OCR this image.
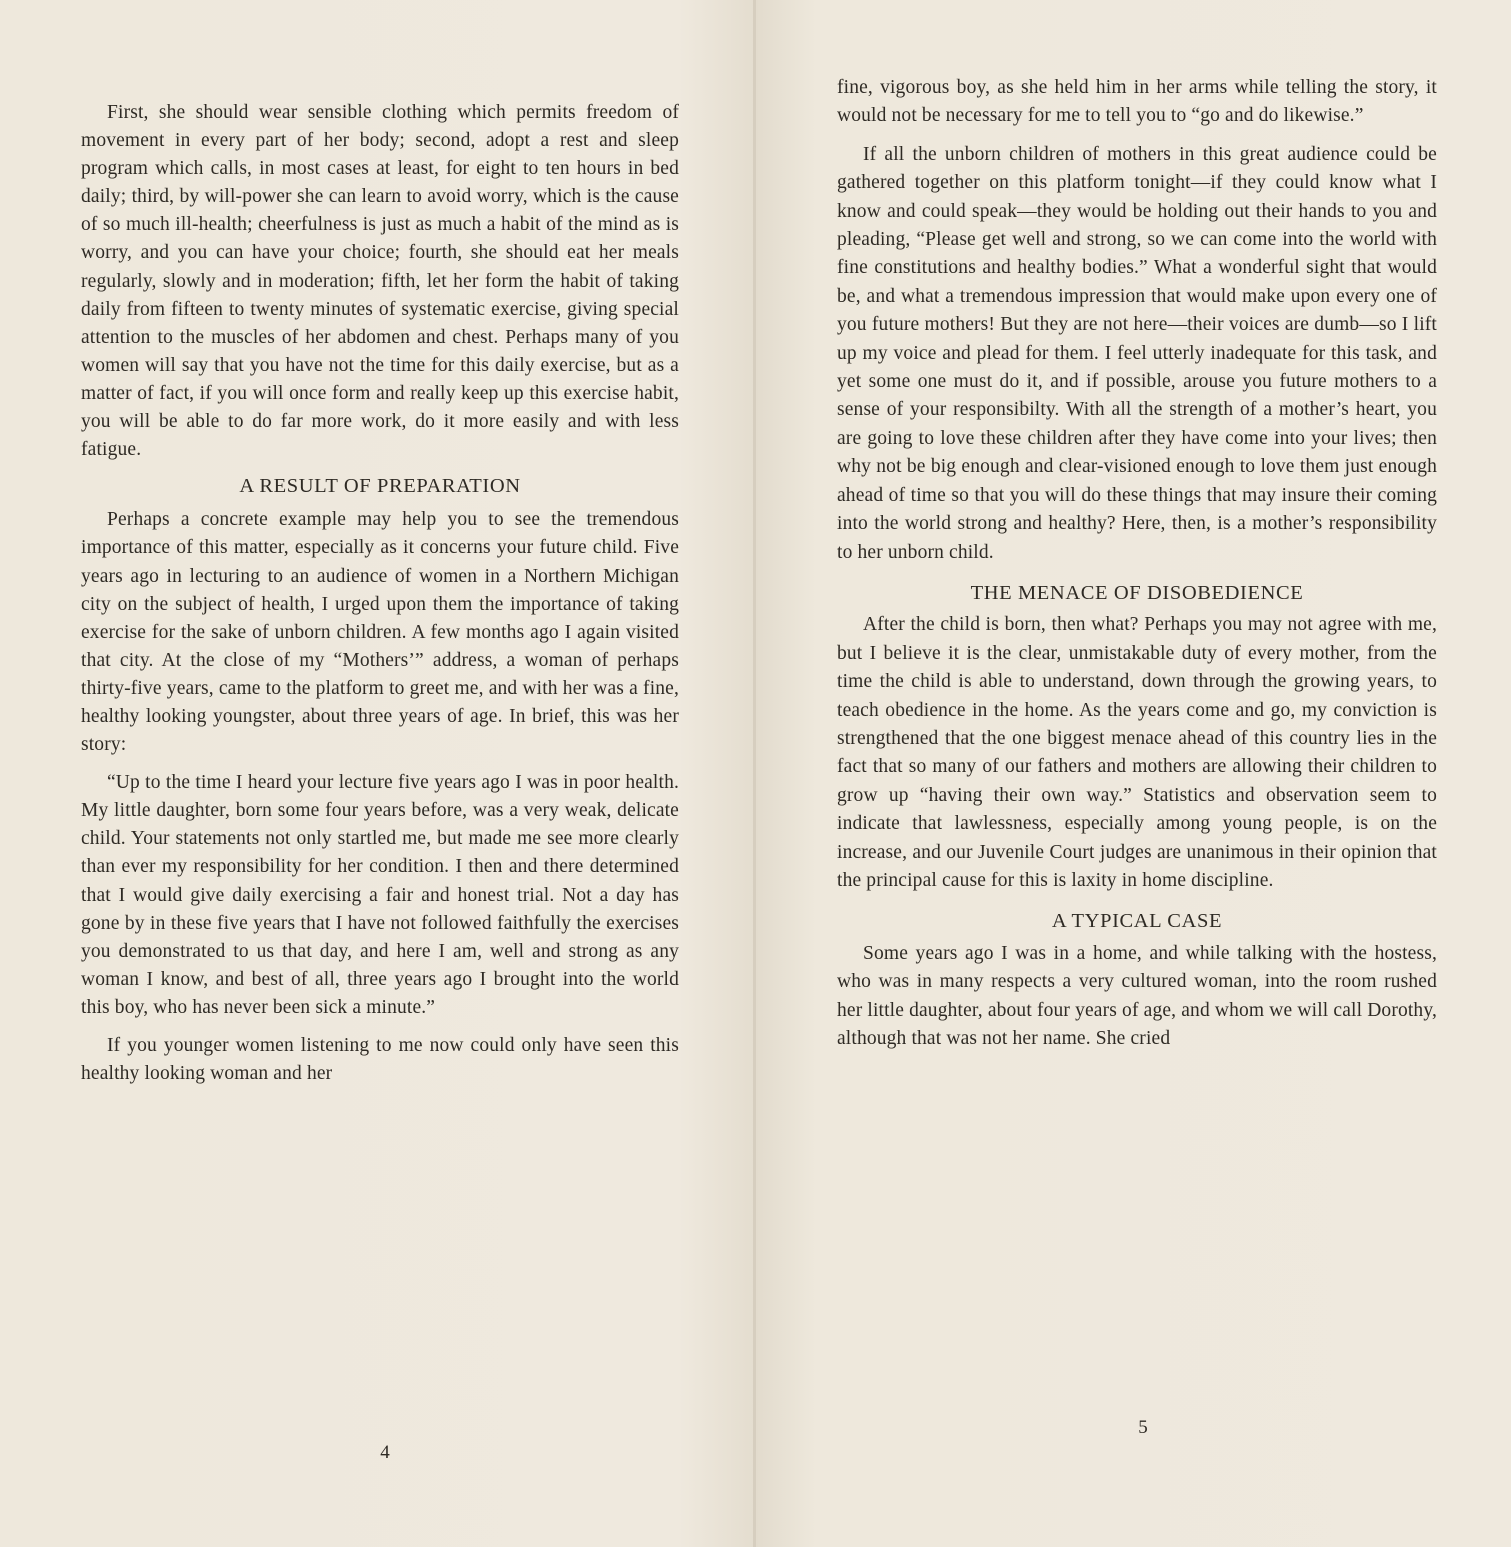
First, she should wear sensible clothing which permits freedom of movement in every part of her body; second, adopt a rest and sleep program which calls, in most cases at least, for eight to ten hours in bed daily; third, by will-power she can learn to avoid worry, which is the cause of so much ill-health; cheerfulness is just as much a habit of the mind as is worry, and you can have your choice; fourth, she should eat her meals regularly, slowly and in moderation; fifth, let her form the habit of taking daily from fifteen to twenty minutes of systematic exercise, giving special attention to the muscles of her abdomen and chest. Perhaps many of you women will say that you have not the time for this daily exercise, but as a matter of fact, if you will once form and really keep up this exercise habit, you will be able to do far more work, do it more easily and with less fatigue.

A RESULT OF PREPARATION

Perhaps a concrete example may help you to see the tremendous importance of this matter, especially as it concerns your future child. Five years ago in lecturing to an audience of women in a Northern Michigan city on the subject of health, I urged upon them the importance of taking exercise for the sake of unborn children. A few months ago I again visited that city. At the close of my “Mothers’” address, a woman of perhaps thirty-five years, came to the platform to greet me, and with her was a fine, healthy looking youngster, about three years of age. In brief, this was her story:

“Up to the time I heard your lecture five years ago I was in poor health. My little daughter, born some four years before, was a very weak, delicate child. Your statements not only startled me, but made me see more clearly than ever my responsibility for her condition. I then and there determined that I would give daily exercising a fair and honest trial. Not a day has gone by in these five years that I have not followed faithfully the exercises you demonstrated to us that day, and here I am, well and strong as any woman I know, and best of all, three years ago I brought into the world this boy, who has never been sick a minute.”

If you younger women listening to me now could only have seen this healthy looking woman and her

4

fine, vigorous boy, as she held him in her arms while telling the story, it would not be necessary for me to tell you to “go and do likewise.”

If all the unborn children of mothers in this great audience could be gathered together on this platform tonight—if they could know what I know and could speak—they would be holding out their hands to you and pleading, “Please get well and strong, so we can come into the world with fine constitutions and healthy bodies.” What a wonderful sight that would be, and what a tremendous impression that would make upon every one of you future mothers! But they are not here—their voices are dumb—so I lift up my voice and plead for them. I feel utterly inadequate for this task, and yet some one must do it, and if possible, arouse you future mothers to a sense of your responsibilty. With all the strength of a mother’s heart, you are going to love these children after they have come into your lives; then why not be big enough and clear-visioned enough to love them just enough ahead of time so that you will do these things that may insure their coming into the world strong and healthy? Here, then, is a mother’s responsibility to her unborn child.

THE MENACE OF DISOBEDIENCE

After the child is born, then what? Perhaps you may not agree with me, but I believe it is the clear, unmistakable duty of every mother, from the time the child is able to understand, down through the growing years, to teach obedience in the home. As the years come and go, my conviction is strengthened that the one biggest menace ahead of this country lies in the fact that so many of our fathers and mothers are allowing their children to grow up “having their own way.” Statistics and observation seem to indicate that lawlessness, especially among young people, is on the increase, and our Juvenile Court judges are unanimous in their opinion that the principal cause for this is laxity in home discipline.

A TYPICAL CASE

Some years ago I was in a home, and while talking with the hostess, who was in many respects a very cultured woman, into the room rushed her little daughter, about four years of age, and whom we will call Dorothy, although that was not her name. She cried

5
